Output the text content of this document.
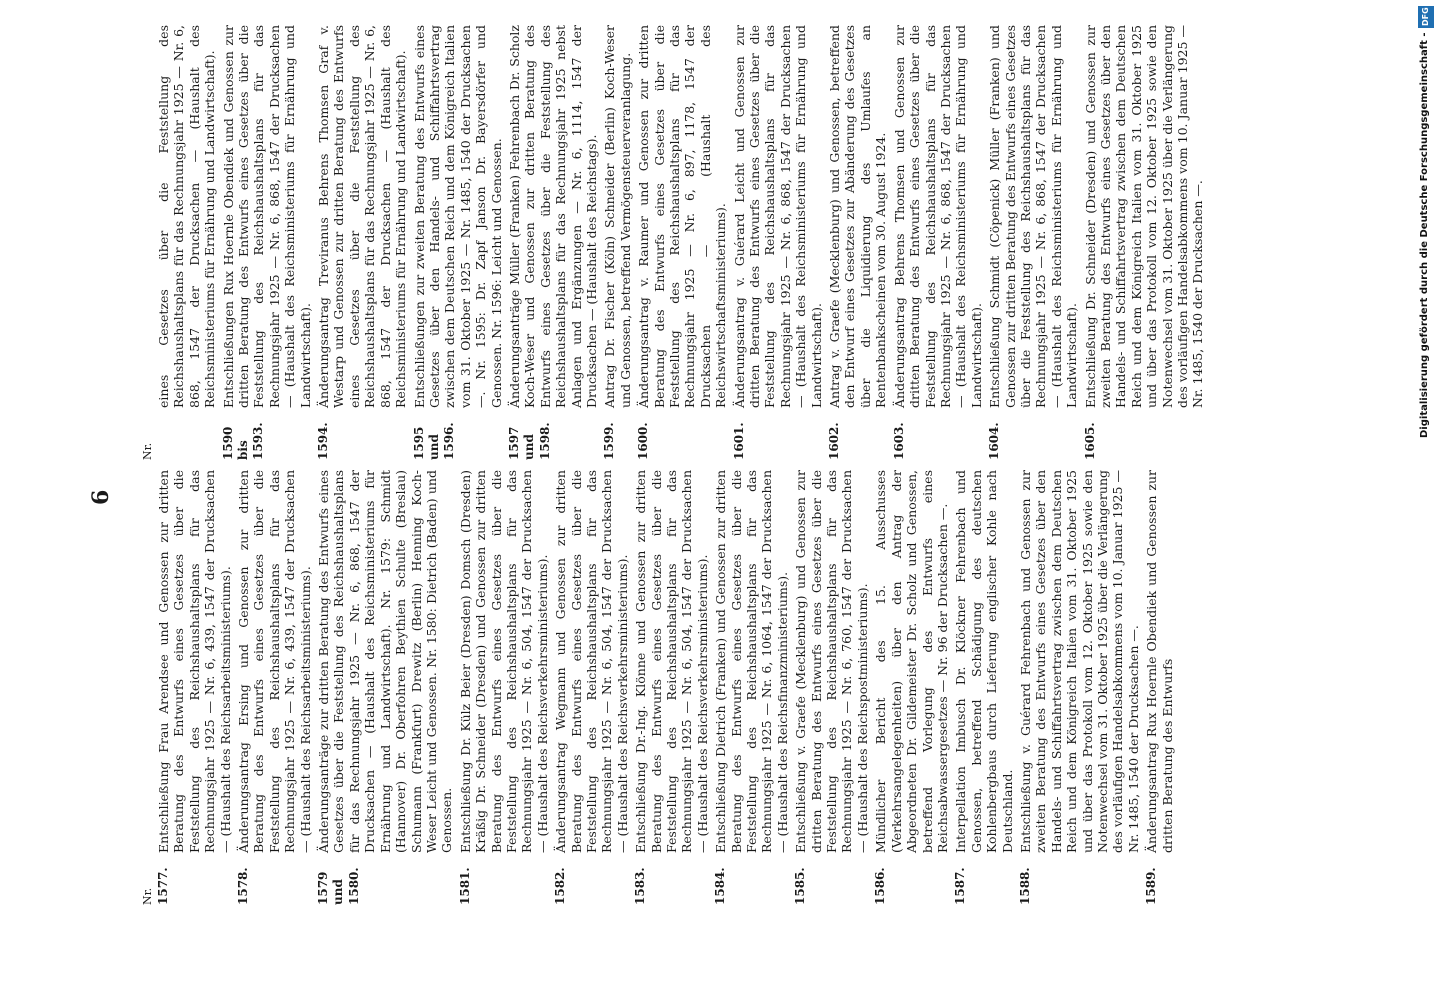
6
Nr. 1577.
Entschließung Frau Arendsee und Genossen zur dritten Beratung des Entwurfs eines Gesetzes über die Feststellung des Reichshaushaltsplans für das Rechnungsjahr 1925 — Nr. 6, 439, 1547 der Drucksachen — (Haushalt des Reichsarbeitsministeriums).
1578.
Änderungsantrag Ersing und Genossen zur dritten Beratung des Entwurfs eines Gesetzes über die Feststellung des Reichshaushaltsplans für das Rechnungsjahr 1925 — Nr. 6, 439, 1547 der Drucksachen — (Haushalt des Reichsarbeitsministeriums).
1579 und 1580.
Änderungsanträge zur dritten Beratung des Entwurfs eines Gesetzes über die Feststellung des Reichshaushaltsplans für das Rechnungsjahr 1925 — Nr. 6, 868, 1547 der Drucksachen — (Haushalt des Reichsministeriums für Ernährung und Landwirtschaft). Nr. 1579: Schmidt (Hannover) Dr. Oberfohren Beythien Schulte (Breslau) Schumann (Frankfurt) Drewitz (Berlin) Henning Koch-Weser Leicht und Genossen. Nr. 1580: Dietrich (Baden) und Genossen.
1581.
Entschließung Dr. Külz Beier (Dresden) Domsch (Dresden) Kräßig Dr. Schneider (Dresden) und Genossen zur dritten Beratung des Entwurfs eines Gesetzes über die Feststellung des Reichshaushaltsplans für das Rechnungsjahr 1925 — Nr. 6, 504, 1547 der Drucksachen — (Haushalt des Reichsverkehrsministeriums).
1582.
Änderungsantrag Wegmann und Genossen zur dritten Beratung des Entwurfs eines Gesetzes über die Feststellung des Reichshaushaltsplans für das Rechnungsjahr 1925 — Nr. 6, 504, 1547 der Drucksachen — (Haushalt des Reichsverkehrsministeriums).
1583.
Entschließung Dr.-Ing. Klönne und Genossen zur dritten Beratung des Entwurfs eines Gesetzes über die Feststellung des Reichshaushaltsplans für das Rechnungsjahr 1925 — Nr. 6, 504, 1547 der Drucksachen — (Haushalt des Reichsverkehrsministeriums).
1584.
Entschließung Dietrich (Franken) und Genossen zur dritten Beratung des Entwurfs eines Gesetzes über die Feststellung des Reichshaushaltsplans für das Rechnungsjahr 1925 — Nr. 6, 1064, 1547 der Drucksachen — (Haushalt des Reichsfinanzministeriums).
1585.
Entschließung v. Graefe (Mecklenburg) und Genossen zur dritten Beratung des Entwurfs eines Gesetzes über die Feststellung des Reichshaushaltsplans für das Rechnungsjahr 1925 — Nr. 6, 760, 1547 der Drucksachen — (Haushalt des Reichspostministeriums).
1586.
Mündlicher Bericht des 15. Ausschusses (Verkehrsangelegenheiten) über den Antrag der Abgeordneten Dr. Gildemeister Dr. Scholz und Genossen, betreffend Vorlegung des Entwurfs eines Reichsabwassergesetzes — Nr. 96 der Drucksachen —.
1587.
Interpellation Imbusch Dr. Klöckner Fehrenbach und Genossen, betreffend Schädigung des deutschen Kohlenbergbaus durch Lieferung englischer Kohle nach Deutschland.
1588.
Entschließung v. Guérard Fehrenbach und Genossen zur zweiten Beratung des Entwurfs eines Gesetzes über den Handels- und Schiffahrtsvertrag zwischen dem Deutschen Reich und dem Königreich Italien vom 31. Oktober 1925 und über das Protokoll vom 12. Oktober 1925 sowie den Notenwechsel vom 31. Oktober 1925 über die Verlängerung des vorläufigen Handelsabkommens vom 10. Januar 1925 — Nr. 1485, 1540 der Drucksachen —.
1589.
Änderungsantrag Rux Hoernle Obendiek und Genossen zur dritten Beratung des Entwurfs
Nr.
eines Gesetzes über die Feststellung des Reichshaushaltsplans für das Rechnungsjahr 1925 — Nr. 6, 868, 1547 der Drucksachen — (Haushalt des Reichsministeriums für Ernährung und Landwirtschaft).
1590 bis 1593.
Entschließungen Rux Hoernle Obendiek und Genossen zur dritten Beratung des Entwurfs eines Gesetzes über die Feststellung des Reichshaushaltsplans für das Rechnungsjahr 1925 — Nr. 6, 868, 1547 der Drucksachen — (Haushalt des Reichsministeriums für Ernährung und Landwirtschaft).
1594.
Änderungsantrag Treviranus Behrens Thomsen Graf v. Westarp und Genossen zur dritten Beratung des Entwurfs eines Gesetzes über die Feststellung des Reichshaushaltsplans für das Rechnungsjahr 1925 — Nr. 6, 868, 1547 der Drucksachen — (Haushalt des Reichsministeriums für Ernährung und Landwirtschaft).
1595 und 1596.
Entschließungen zur zweiten Beratung des Entwurfs eines Gesetzes über den Handels- und Schiffahrtsvertrag zwischen dem Deutschen Reich und dem Königreich Italien vom 31. Oktober 1925 — Nr. 1485, 1540 der Drucksachen —. Nr. 1595: Dr. Zapf Janson Dr. Bayersdörfer und Genossen. Nr. 1596: Leicht und Genossen.
1597 und 1598.
Änderungsanträge Müller (Franken) Fehrenbach Dr. Scholz Koch-Weser und Genossen zur dritten Beratung des Entwurfs eines Gesetzes über die Feststellung des Reichshaushaltsplans für das Rechnungsjahr 1925 nebst Anlagen und Ergänzungen — Nr. 6, 1114, 1547 der Drucksachen — (Haushalt des Reichstags).
1599.
Antrag Dr. Fischer (Köln) Schneider (Berlin) Koch-Weser und Genossen, betreffend Vermögensteuerveranlagung.
1600.
Änderungsantrag v. Raumer und Genossen zur dritten Beratung des Entwurfs eines Gesetzes über die Feststellung des Reichshaushaltsplans für das Rechnungsjahr 1925 — Nr. 6, 897, 1178, 1547 der Drucksachen — (Haushalt des Reichswirtschaftsministeriums).
1601.
Änderungsantrag v. Guérard Leicht und Genossen zur dritten Beratung des Entwurfs eines Gesetzes über die Feststellung des Reichshaushaltsplans für das Rechnungsjahr 1925 — Nr. 6, 868, 1547 der Drucksachen — (Haushalt des Reichsministeriums für Ernährung und Landwirtschaft).
1602.
Antrag v. Graefe (Mecklenburg) und Genossen, betreffend den Entwurf eines Gesetzes zur Abänderung des Gesetzes über die Liquidierung des Umlaufes an Rentenbankscheinen vom 30. August 1924.
1603.
Änderungsantrag Behrens Thomsen und Genossen zur dritten Beratung des Entwurfs eines Gesetzes über die Feststellung des Reichshaushaltsplans für das Rechnungsjahr 1925 — Nr. 6, 868, 1547 der Drucksachen — (Haushalt des Reichsministeriums für Ernährung und Landwirtschaft).
1604.
Entschließung Schmidt (Cöpenick) Müller (Franken) und Genossen zur dritten Beratung des Entwurfs eines Gesetzes über die Feststellung des Reichshaushaltsplans für das Rechnungsjahr 1925 — Nr. 6, 868, 1547 der Drucksachen — (Haushalt des Reichsministeriums für Ernährung und Landwirtschaft).
1605.
Entschließung Dr. Schneider (Dresden) und Genossen zur zweiten Beratung des Entwurfs eines Gesetzes über den Handels- und Schiffahrtsvertrag zwischen dem Deutschen Reich und dem Königreich Italien vom 31. Oktober 1925 und über das Protokoll vom 12. Oktober 1925 sowie den Notenwechsel vom 31. Oktober 1925 über die Verlängerung des vorläufigen Handelsabkommens vom 10. Januar 1925 — Nr. 1485, 1540 der Drucksachen —.
DFG
Digitalisierung gefördert durch die Deutsche Forschungsgemeinschaft -
